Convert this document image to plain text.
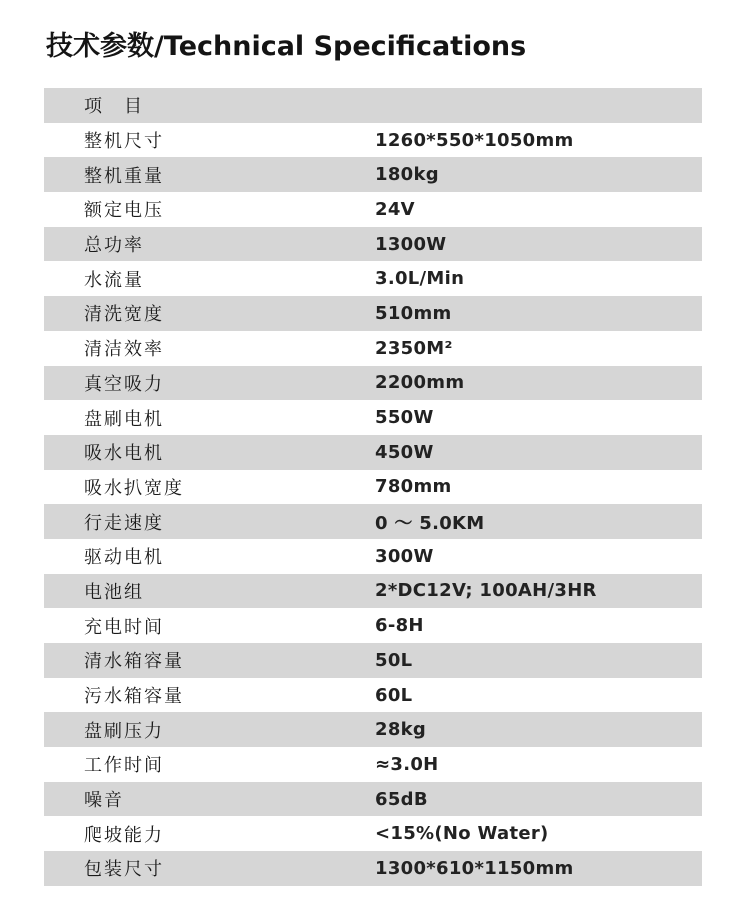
技术参数/Technical Specifications
项　目
整机尺寸	1260*550*1050mm
整机重量	180kg
额定电压	24V
总功率	1300W
水流量	3.0L/Min
清洗宽度	510mm
清洁效率	2350M²
真空吸力	2200mm
盘刷电机	550W
吸水电机	450W
吸水扒宽度	780mm
行走速度	0 ～ 5.0KM
驱动电机	300W
电池组	2*DC12V; 100AH/3HR
充电时间	6-8H
清水箱容量	50L
污水箱容量	60L
盘刷压力	28kg
工作时间	≈3.0H
噪音	65dB
爬坡能力	<15%(No Water)
包装尺寸	1300*610*1150mm
